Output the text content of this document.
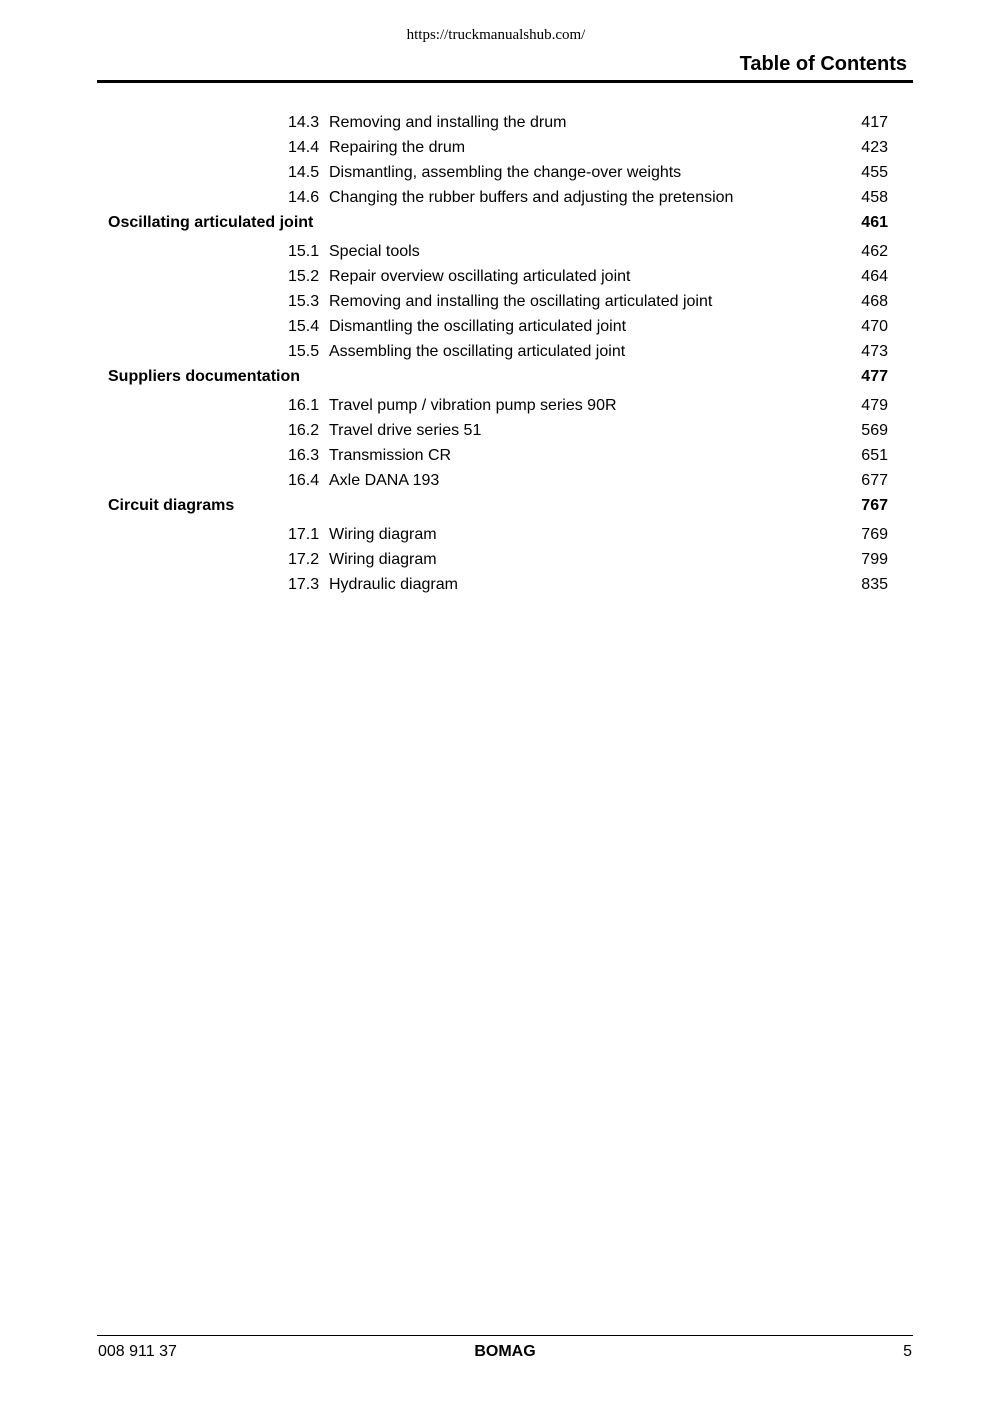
https://truckmanualshub.com/
Table of Contents
14.3 Removing and installing the drum	417
14.4 Repairing the drum	423
14.5 Dismantling, assembling the change-over weights	455
14.6 Changing the rubber buffers and adjusting the pretension	458
Oscillating articulated joint	461
15.1 Special tools	462
15.2 Repair overview oscillating articulated joint	464
15.3 Removing and installing the oscillating articulated joint	468
15.4 Dismantling the oscillating articulated joint	470
15.5 Assembling the oscillating articulated joint	473
Suppliers documentation	477
16.1 Travel pump / vibration pump series 90R	479
16.2 Travel drive series 51	569
16.3 Transmission CR	651
16.4 Axle DANA 193	677
Circuit diagrams	767
17.1 Wiring diagram	769
17.2 Wiring diagram	799
17.3 Hydraulic diagram	835
008 911 37	BOMAG	5
